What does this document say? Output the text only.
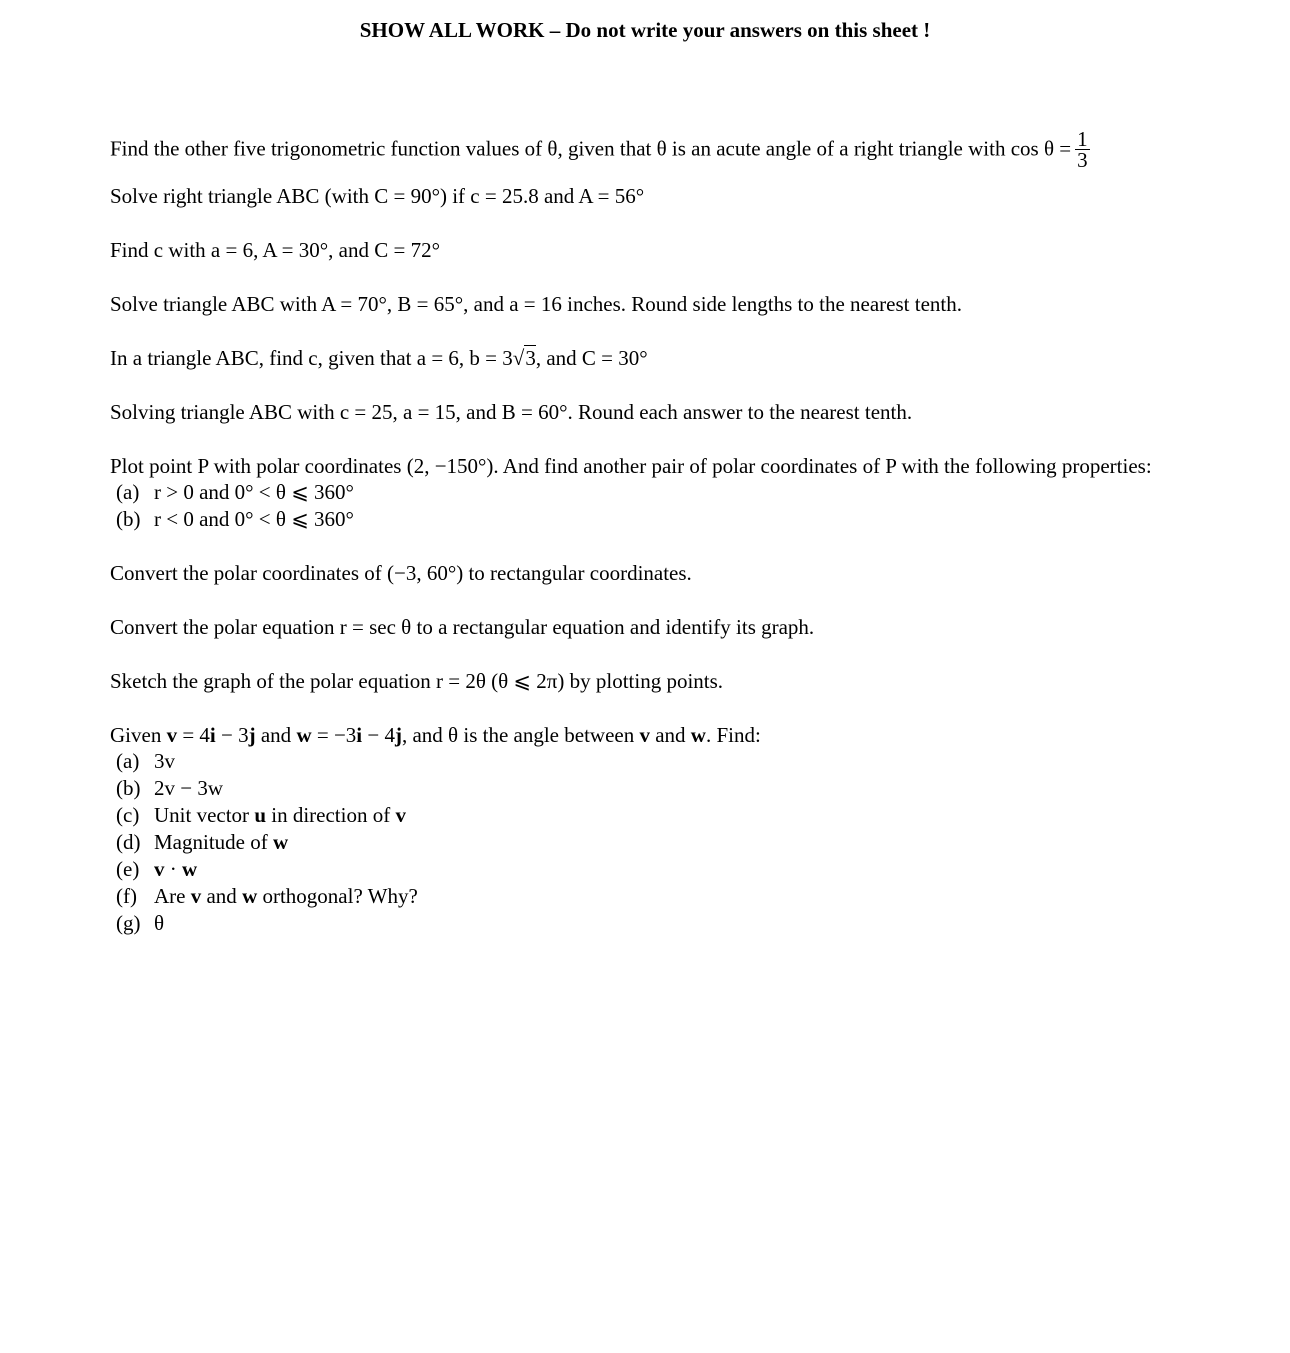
SHOW ALL WORK – Do not write your answers on this sheet !
Find the other five trigonometric function values of θ, given that θ is an acute angle of a right triangle with $\cos \theta = \frac{1}{3}$
Solve right triangle ABC (with C = 90°) if c = 25.8 and A = 56°
Find c with a = 6, A = 30°, and C = 72°
Solve triangle ABC with A = 70°, B = 65°, and a = 16 inches. Round side lengths to the nearest tenth.
In a triangle ABC, find c, given that a = 6, b = 3√3, and C = 30°
Solving triangle ABC with c = 25, a = 15, and B = 60°. Round each answer to the nearest tenth.
Plot point P with polar coordinates (2, −150°). And find another pair of polar coordinates of P with the following properties:
(a) r > 0 and 0° < θ ⩽ 360°
(b) r < 0 and 0° < θ ⩽ 360°
Convert the polar coordinates of (−3, 60°) to rectangular coordinates.
Convert the polar equation r = sec θ to a rectangular equation and identify its graph.
Sketch the graph of the polar equation r = 2θ (θ ⩽ 2π) by plotting points.
Given v = 4i − 3j and w = −3i − 4j, and θ is the angle between v and w. Find:
(a) 3v
(b) 2v − 3w
(c) Unit vector u in direction of v
(d) Magnitude of w
(e) v · w
(f) Are v and w orthogonal? Why?
(g) θ
